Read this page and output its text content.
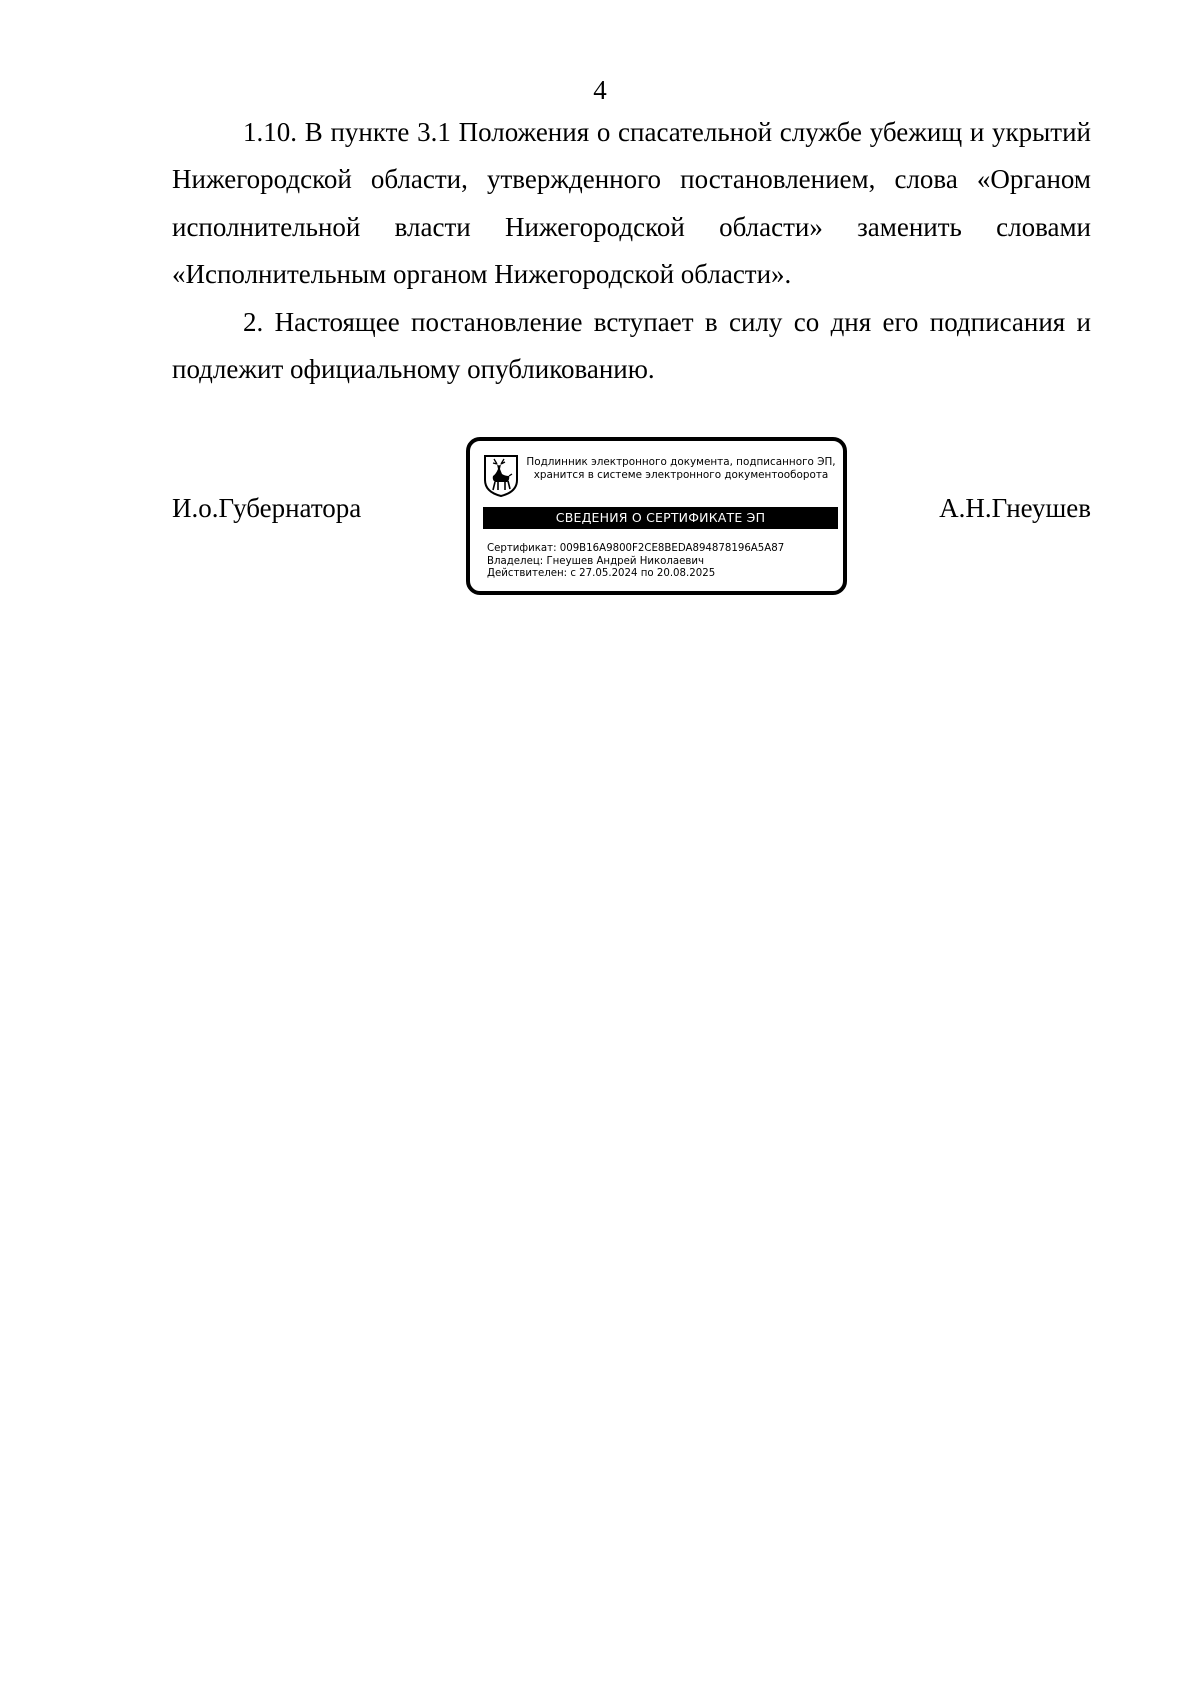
4

1.10. В пункте 3.1 Положения о спасательной службе убежищ и укрытий Нижегородской области, утвержденного постановлением, слова «Органом исполнительной власти Нижегородской области» заменить словами «Исполнительным органом Нижегородской области».

2. Настоящее постановление вступает в силу со дня его подписания и подлежит официальному опубликованию.

И.о.Губернатора
Подлинник электронного документа, подписанного ЭП,
хранится в системе электронного документооборота
СВЕДЕНИЯ О СЕРТИФИКАТЕ ЭП
Сертификат: 009B16A9800F2CE8BEDA894878196A5A87
Владелец: Гнеушев Андрей Николаевич
Действителен: с 27.05.2024 по 20.08.2025
А.Н.Гнеушев
